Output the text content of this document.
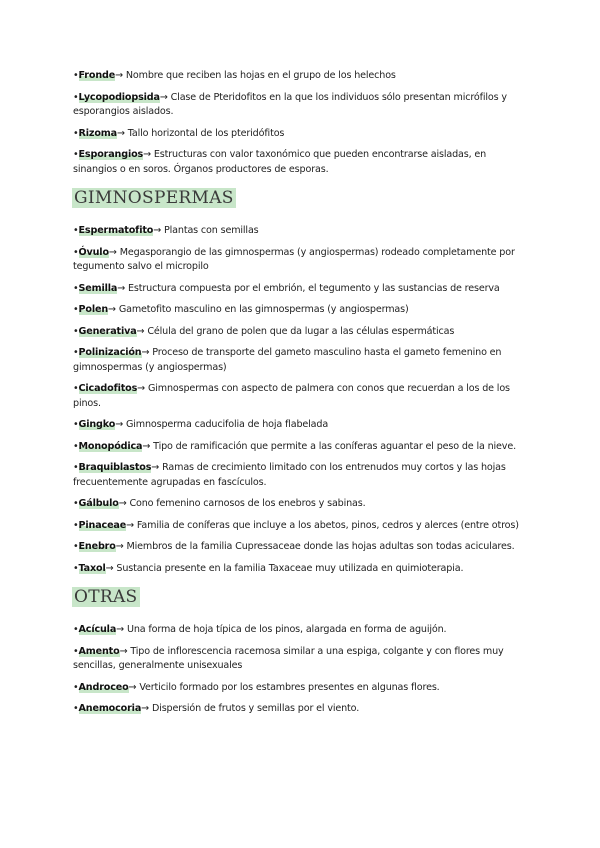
•Fronde→ Nombre que reciben las hojas en el grupo de los helechos

•Lycopodiopsida→ Clase de Pteridofitos en la que los individuos sólo presentan micrófilos y esporangios aislados.

•Rizoma→ Tallo horizontal de los pteridófitos

•Esporangios→ Estructuras con valor taxonómico que pueden encontrarse aisladas, en sinangios o en soros. Órganos productores de esporas.

GIMNOSPERMAS

•Espermatofito→ Plantas con semillas

•Óvulo→ Megasporangio de las gimnospermas (y angiospermas) rodeado completamente por tegumento salvo el micropilo

•Semilla→ Estructura compuesta por el embrión, el tegumento y las sustancias de reserva

•Polen→ Gametofito masculino en las gimnospermas (y angiospermas)

•Generativa→ Célula del grano de polen que da lugar a las células espermáticas

•Polinización→ Proceso de transporte del gameto masculino hasta el gameto femenino en gimnospermas (y angiospermas)

•Cicadofitos→ Gimnospermas con aspecto de palmera con conos que recuerdan a los de los pinos.

•Gingko→ Gimnosperma caducifolia de hoja flabelada

•Monopódica→ Tipo de ramificación que permite a las coníferas aguantar el peso de la nieve.

•Braquiblastos→ Ramas de crecimiento limitado con los entrenudos muy cortos y las hojas frecuentemente agrupadas en fascículos.

•Gálbulo→ Cono femenino carnosos de los enebros y sabinas.

•Pinaceae→ Familia de coníferas que incluye a los abetos, pinos, cedros y alerces (entre otros)

•Enebro→ Miembros de la familia Cupressaceae donde las hojas adultas son todas aciculares.

•Taxol→ Sustancia presente en la familia Taxaceae muy utilizada en quimioterapia.

OTRAS

•Acícula→ Una forma de hoja típica de los pinos, alargada en forma de aguijón.

•Amento→ Tipo de inflorescencia racemosa similar a una espiga, colgante y con flores muy sencillas, generalmente unisexuales

•Androceo→ Verticilo formado por los estambres presentes en algunas flores.

•Anemocoria→ Dispersión de frutos y semillas por el viento.
